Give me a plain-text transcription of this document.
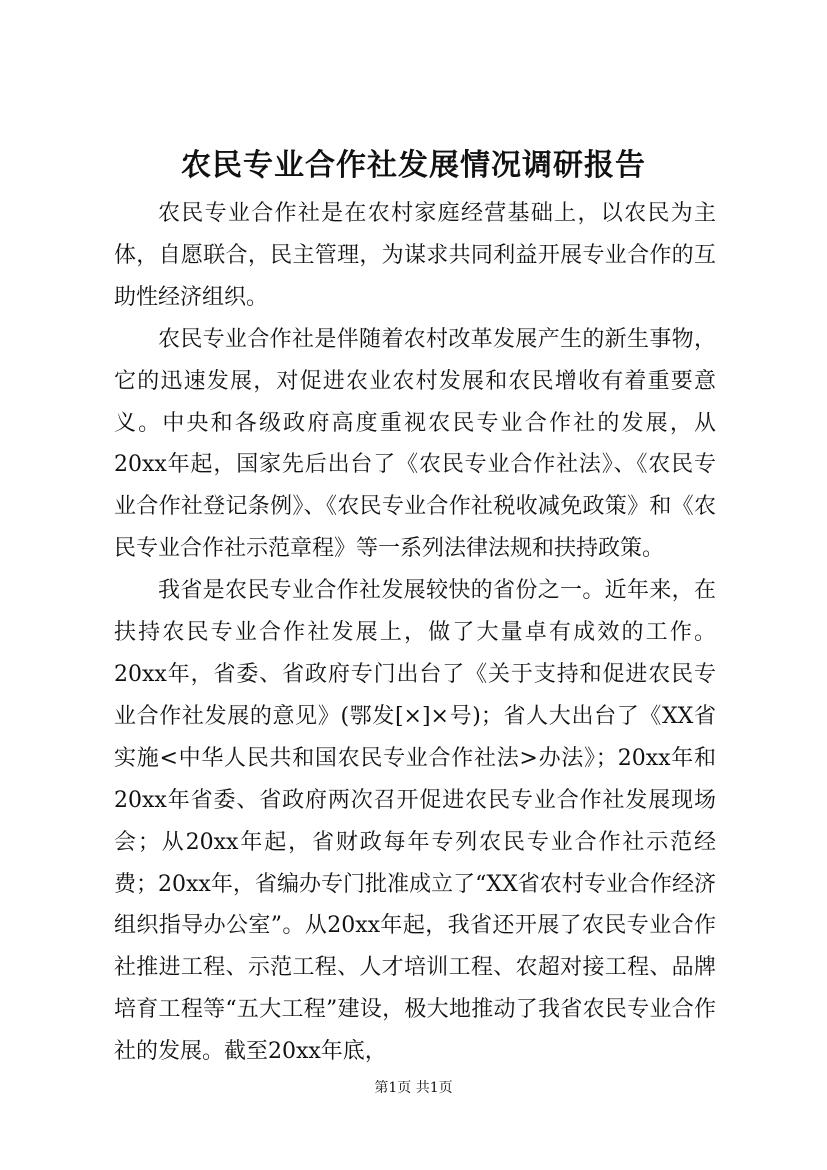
农民专业合作社发展情况调研报告

农民专业合作社是在农村家庭经营基础上，以农民为主体，自愿联合，民主管理，为谋求共同利益开展专业合作的互助性经济组织。

农民专业合作社是伴随着农村改革发展产生的新生事物，它的迅速发展，对促进农业农村发展和农民增收有着重要意义。中央和各级政府高度重视农民专业合作社的发展，从20xx年起，国家先后出台了《农民专业合作社法》、《农民专业合作社登记条例》、《农民专业合作社税收减免政策》和《农民专业合作社示范章程》等一系列法律法规和扶持政策。

我省是农民专业合作社发展较快的省份之一。近年来，在扶持农民专业合作社发展上，做了大量卓有成效的工作。20xx年，省委、省政府专门出台了《关于支持和促进农民专业合作社发展的意见》(鄂发[×]×号)；省人大出台了《XX省实施<中华人民共和国农民专业合作社法>办法》；20xx年和20xx年省委、省政府两次召开促进农民专业合作社发展现场会；从20xx年起，省财政每年专列农民专业合作社示范经费；20xx年，省编办专门批准成立了“XX省农村专业合作经济组织指导办公室”。从20xx年起，我省还开展了农民专业合作社推进工程、示范工程、人才培训工程、农超对接工程、品牌培育工程等“五大工程”建设，极大地推动了我省农民专业合作社的发展。截至20xx年底，

第1页 共1页
